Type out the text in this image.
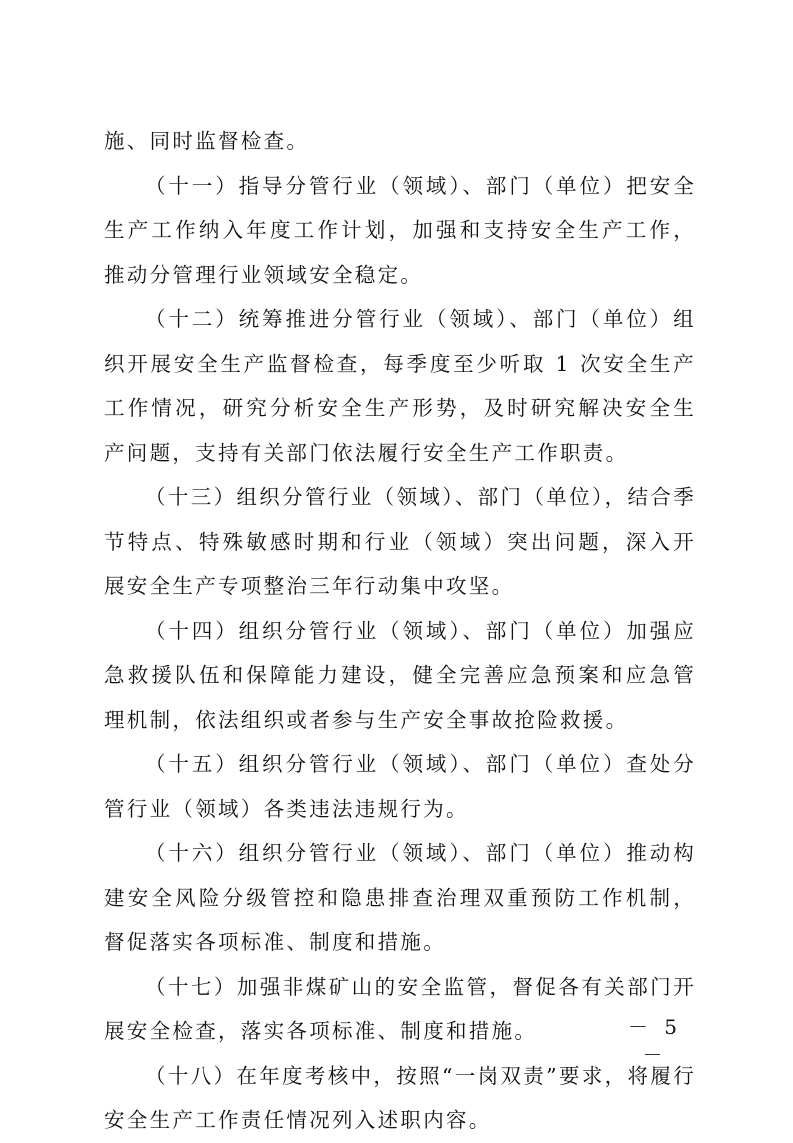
施、同时监督检查。

（十一）指导分管行业（领域）、部门（单位）把安全生产工作纳入年度工作计划，加强和支持安全生产工作，推动分管理行业领域安全稳定。

（十二）统筹推进分管行业（领域）、部门（单位）组织开展安全生产监督检查，每季度至少听取 1 次安全生产工作情况，研究分析安全生产形势，及时研究解决安全生产问题，支持有关部门依法履行安全生产工作职责。

（十三）组织分管行业（领域）、部门（单位），结合季节特点、特殊敏感时期和行业（领域）突出问题，深入开展安全生产专项整治三年行动集中攻坚。

（十四）组织分管行业（领域）、部门（单位）加强应急救援队伍和保障能力建设，健全完善应急预案和应急管理机制，依法组织或者参与生产安全事故抢险救援。

（十五）组织分管行业（领域）、部门（单位）查处分管行业（领域）各类违法违规行为。

（十六）组织分管行业（领域）、部门（单位）推动构建安全风险分级管控和隐患排查治理双重预防工作机制，督促落实各项标准、制度和措施。

（十七）加强非煤矿山的安全监管，督促各有关部门开展安全检查，落实各项标准、制度和措施。

（十八）在年度考核中，按照“一岗双责”要求，将履行安全生产工作责任情况列入述职内容。

－ 5 －
